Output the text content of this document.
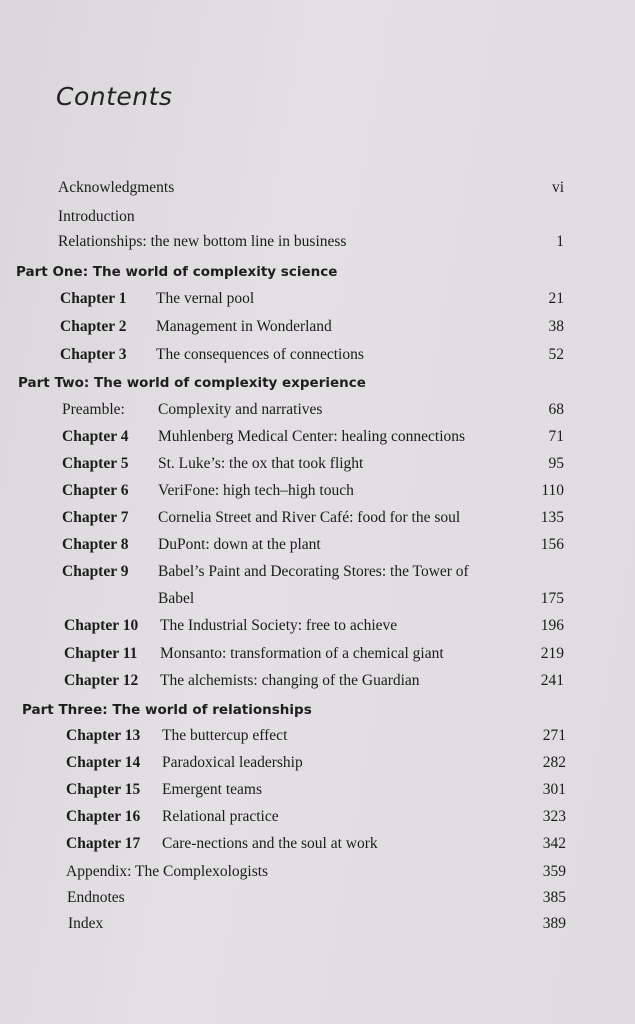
Contents
Acknowledgments	vi
Introduction
Relationships: the new bottom line in business	1
Part One: The world of complexity science
Chapter 1 The vernal pool	21
Chapter 2 Management in Wonderland	38
Chapter 3 The consequences of connections	52
Part Two: The world of complexity experience
Preamble: Complexity and narratives	68
Chapter 4 Muhlenberg Medical Center: healing connections	71
Chapter 5 St. Luke’s: the ox that took flight	95
Chapter 6 VeriFone: high tech–high touch	110
Chapter 7 Cornelia Street and River Café: food for the soul	135
Chapter 8 DuPont: down at the plant	156
Chapter 9 Babel’s Paint and Decorating Stores: the Tower of
Babel	175
Chapter 10 The Industrial Society: free to achieve	196
Chapter 11 Monsanto: transformation of a chemical giant	219
Chapter 12 The alchemists: changing of the Guardian	241
Part Three: The world of relationships
Chapter 13 The buttercup effect	271
Chapter 14 Paradoxical leadership	282
Chapter 15 Emergent teams	301
Chapter 16 Relational practice	323
Chapter 17 Care-nections and the soul at work	342
Appendix: The Complexologists	359
Endnotes	385
Index	389
